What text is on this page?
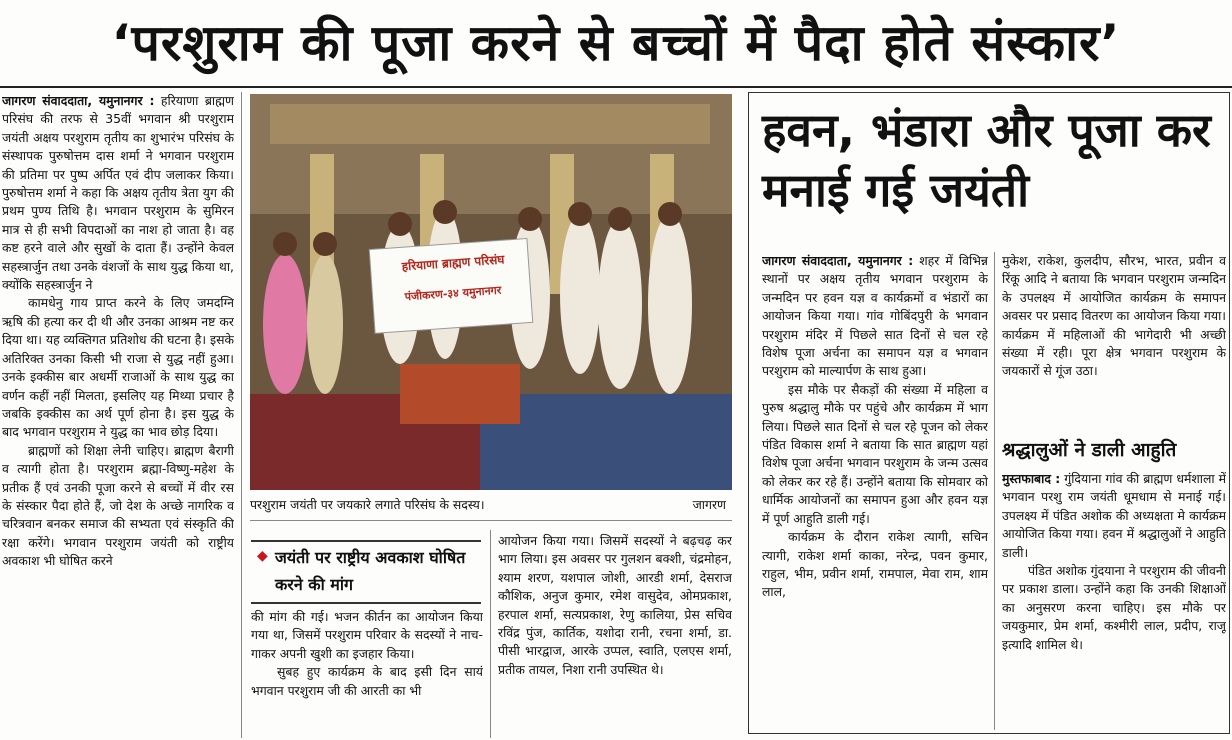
‘परशुराम की पूजा करने से बच्चों में पैदा होते संस्कार’

जागरण संवाददाता, यमुनानगर : हरियाणा ब्राह्मण परिसंघ की तरफ से 35वीं भगवान श्री परशुराम जयंती अक्षय परशुराम तृतीय का शुभारंभ परिसंघ के संस्थापक पुरुषोत्तम दास शर्मा ने भगवान परशुराम की प्रतिमा पर पुष्प अर्पित एवं दीप जलाकर किया। पुरुषोत्तम शर्मा ने कहा कि अक्षय तृतीय त्रेता युग की प्रथम पुण्य तिथि है। भगवान परशुराम के सुमिरन मात्र से ही सभी विपदाओं का नाश हो जाता है। वह कष्ट हरने वाले और सुखों के दाता हैं। उन्होंने केवल सहस्त्रार्जुन तथा उनके वंशजों के साथ युद्ध किया था, क्योंकि सहस्त्रार्जुन ने

कामधेनु गाय प्राप्त करने के लिए जमदग्नि ऋषि की हत्या कर दी थी और उनका आश्रम नष्ट कर दिया था। यह व्यक्तिगत प्रतिशोध की घटना है। इसके अतिरिक्त उनका किसी भी राजा से युद्ध नहीं हुआ। उनके इक्कीस बार अधर्मी राजाओं के साथ युद्ध का वर्णन कहीं नहीं मिलता, इसलिए यह मिथ्या प्रचार है जबकि इक्कीस का अर्थ पूर्ण होना है। इस युद्ध के बाद भगवान परशुराम ने युद्ध का भाव छोड़ दिया।

ब्राह्मणों को शिक्षा लेनी चाहिए। ब्राह्मण बैरागी व त्यागी होता है। परशुराम ब्रह्मा-विष्णु-महेश के प्रतीक हैं एवं उनकी पूजा करने से बच्चों में वीर रस के संस्कार पैदा होते हैं, जो देश के अच्छे नागरिक व चरित्रवान बनकर समाज की सभ्यता एवं संस्कृति की रक्षा करेंगे। भगवान परशुराम जयंती को राष्ट्रीय अवकाश भी घोषित करने

हरियाणा ब्राह्मण परिसंघ
पंजीकरण-३४ यमुनानगर
परशुराम जयंती पर जयकारे लगाते परिसंघ के सदस्य।	जागरण
◆ जयंती पर राष्ट्रीय अवकाश घोषित करने की मांग

की मांग की गई। भजन कीर्तन का आयोजन किया गया था, जिसमें परशुराम परिवार के सदस्यों ने नाच-गाकर अपनी खुशी का इजहार किया।

सुबह हुए कार्यक्रम के बाद इसी दिन सायं भगवान परशुराम जी की आरती का भी

आयोजन किया गया। जिसमें सदस्यों ने बढ़चढ़ कर भाग लिया। इस अवसर पर गुलशन बक्शी, चंद्रमोहन, श्याम शरण, यशपाल जोशी, आरडी शर्मा, देसराज कौशिक, अनुज कुमार, रमेश वासुदेव, ओमप्रकाश, हरपाल शर्मा, सत्यप्रकाश, रेणु कालिया, प्रेस सचिव रविंद्र पुंज, कार्तिक, यशोदा रानी, रचना शर्मा, डा. पीसी भारद्वाज, आरके उप्पल, स्वाति, एलएस शर्मा, प्रतीक तायल, निशा रानी उपस्थित थे।

हवन, भंडारा और पूजा कर मनाई गई जयंती

जागरण संवाददाता, यमुनानगर : शहर में विभिन्न स्थानों पर अक्षय तृतीय भगवान परशुराम के जन्मदिन पर हवन यज्ञ व कार्यक्रमों व भंडारों का आयोजन किया गया। गांव गोबिंदपुरी के भगवान परशुराम मंदिर में पिछले सात दिनों से चल रहे विशेष पूजा अर्चना का समापन यज्ञ व भगवान परशुराम को माल्यार्पण के साथ हुआ।

इस मौके पर सैकड़ों की संख्या में महिला व पुरुष श्रद्धालु मौके पर पहुंचे और कार्यक्रम में भाग लिया। पिछले सात दिनों से चल रहे पूजन को लेकर पंडित विकास शर्मा ने बताया कि सात ब्राह्मण यहां विशेष पूजा अर्चना भगवान परशुराम के जन्म उत्सव को लेकर कर रहे हैं। उन्होंने बताया कि सोमवार को धार्मिक आयोजनों का समापन हुआ और हवन यज्ञ में पूर्ण आहुति डाली गई।

कार्यक्रम के दौरान राकेश त्यागी, सचिन त्यागी, राकेश शर्मा काका, नरेन्द्र, पवन कुमार, राहुल, भीम, प्रवीन शर्मा, रामपाल, मेवा राम, शाम लाल,

मुकेश, राकेश, कुलदीप, सौरभ, भारत, प्रवीन व रिंकू आदि ने बताया कि भगवान परशुराम जन्मदिन के उपलक्ष्य में आयोजित कार्यक्रम के समापन अवसर पर प्रसाद वितरण का आयोजन किया गया। कार्यक्रम में महिलाओं की भागेदारी भी अच्छी संख्या में रही। पूरा क्षेत्र भगवान परशुराम के जयकारों से गूंज उठा।

श्रद्धालुओं ने डाली आहुति

मुस्तफाबाद : गुंदियाना गांव की ब्राह्मण धर्मशाला में भगवान परशु राम जयंती धूमधाम से मनाई गई। उपलक्ष्य में पंडित अशोक की अध्यक्षता मे कार्यक्रम आयोजित किया गया। हवन में श्रद्धालुओं ने आहुति डाली।

पंडित अशोक गुंदयाना ने परशुराम की जीवनी पर प्रकाश डाला। उन्होंने कहा कि उनकी शिक्षाओं का अनुसरण करना चाहिए। इस मौके पर जयकुमार, प्रेम शर्मा, कश्मीरी लाल, प्रदीप, राजू इत्यादि शामिल थे।
